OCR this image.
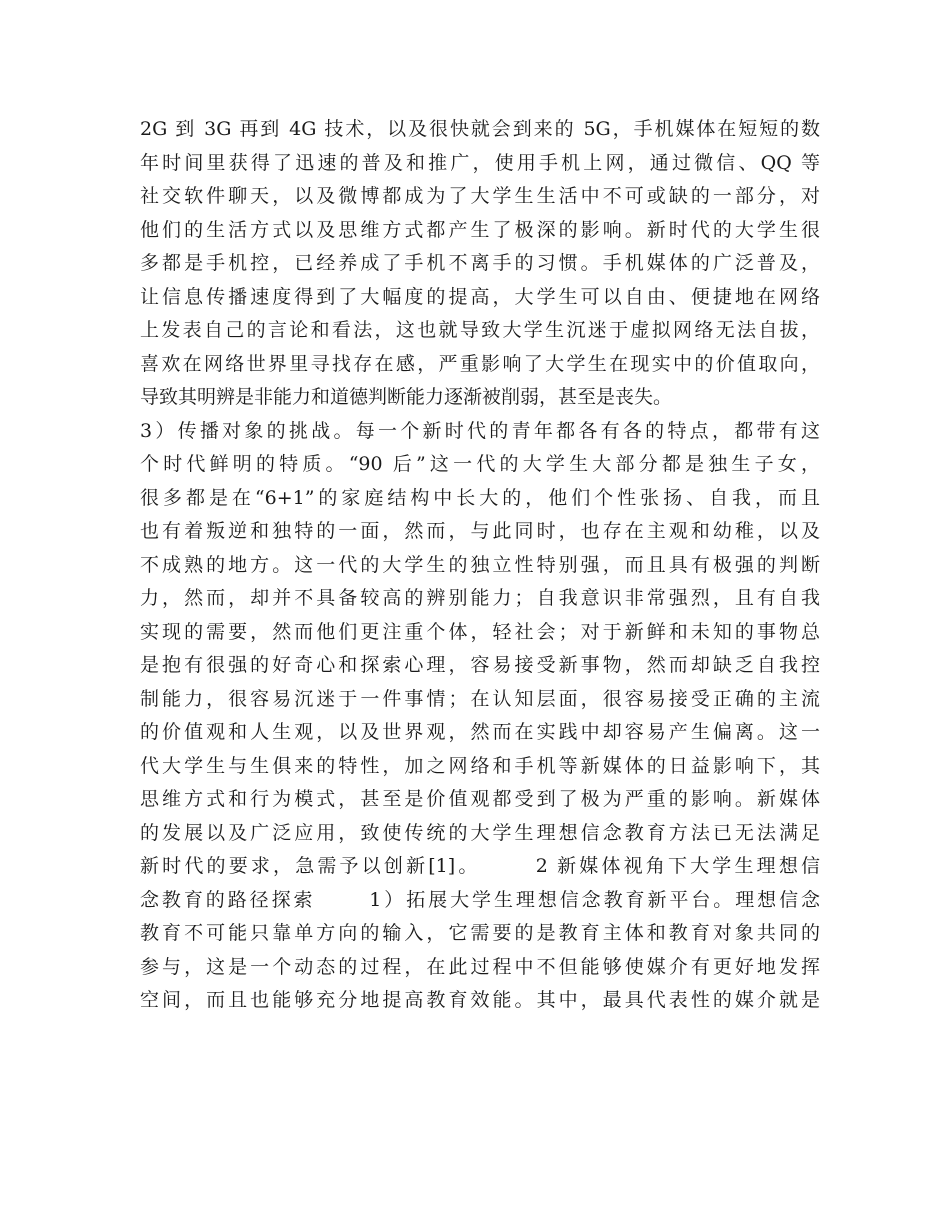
2G 到 3G 再到 4G 技术，以及很快就会到来的 5G，手机媒体在短短的数
年时间里获得了迅速的普及和推广，使用手机上网，通过微信、QQ 等
社交软件聊天，以及微博都成为了大学生生活中不可或缺的一部分，对
他们的生活方式以及思维方式都产生了极深的影响。新时代的大学生很
多都是手机控，已经养成了手机不离手的习惯。手机媒体的广泛普及，
让信息传播速度得到了大幅度的提高，大学生可以自由、便捷地在网络
上发表自己的言论和看法，这也就导致大学生沉迷于虚拟网络无法自拔，
喜欢在网络世界里寻找存在感，严重影响了大学生在现实中的价值取向，
导致其明辨是非能力和道德判断能力逐渐被削弱，甚至是丧失。
3）传播对象的挑战。每一个新时代的青年都各有各的特点，都带有这
个时代鲜明的特质。“90 后”这一代的大学生大部分都是独生子女，
很多都是在“6+1”的家庭结构中长大的，他们个性张扬、自我，而且
也有着叛逆和独特的一面，然而，与此同时，也存在主观和幼稚，以及
不成熟的地方。这一代的大学生的独立性特别强，而且具有极强的判断
力，然而，却并不具备较高的辨别能力；自我意识非常强烈，且有自我
实现的需要，然而他们更注重个体，轻社会；对于新鲜和未知的事物总
是抱有很强的好奇心和探索心理，容易接受新事物，然而却缺乏自我控
制能力，很容易沉迷于一件事情；在认知层面，很容易接受正确的主流
的价值观和人生观，以及世界观，然而在实践中却容易产生偏离。这一
代大学生与生俱来的特性，加之网络和手机等新媒体的日益影响下，其
思维方式和行为模式，甚至是价值观都受到了极为严重的影响。新媒体
的发展以及广泛应用，致使传统的大学生理想信念教育方法已无法满足
新时代的要求，急需予以创新[1]。      2 新媒体视角下大学生理想信
念教育的路径探索      1）拓展大学生理想信念教育新平台。理想信念
教育不可能只靠单方向的输入，它需要的是教育主体和教育对象共同的
参与，这是一个动态的过程，在此过程中不但能够使媒介有更好地发挥
空间，而且也能够充分地提高教育效能。其中，最具代表性的媒介就是
